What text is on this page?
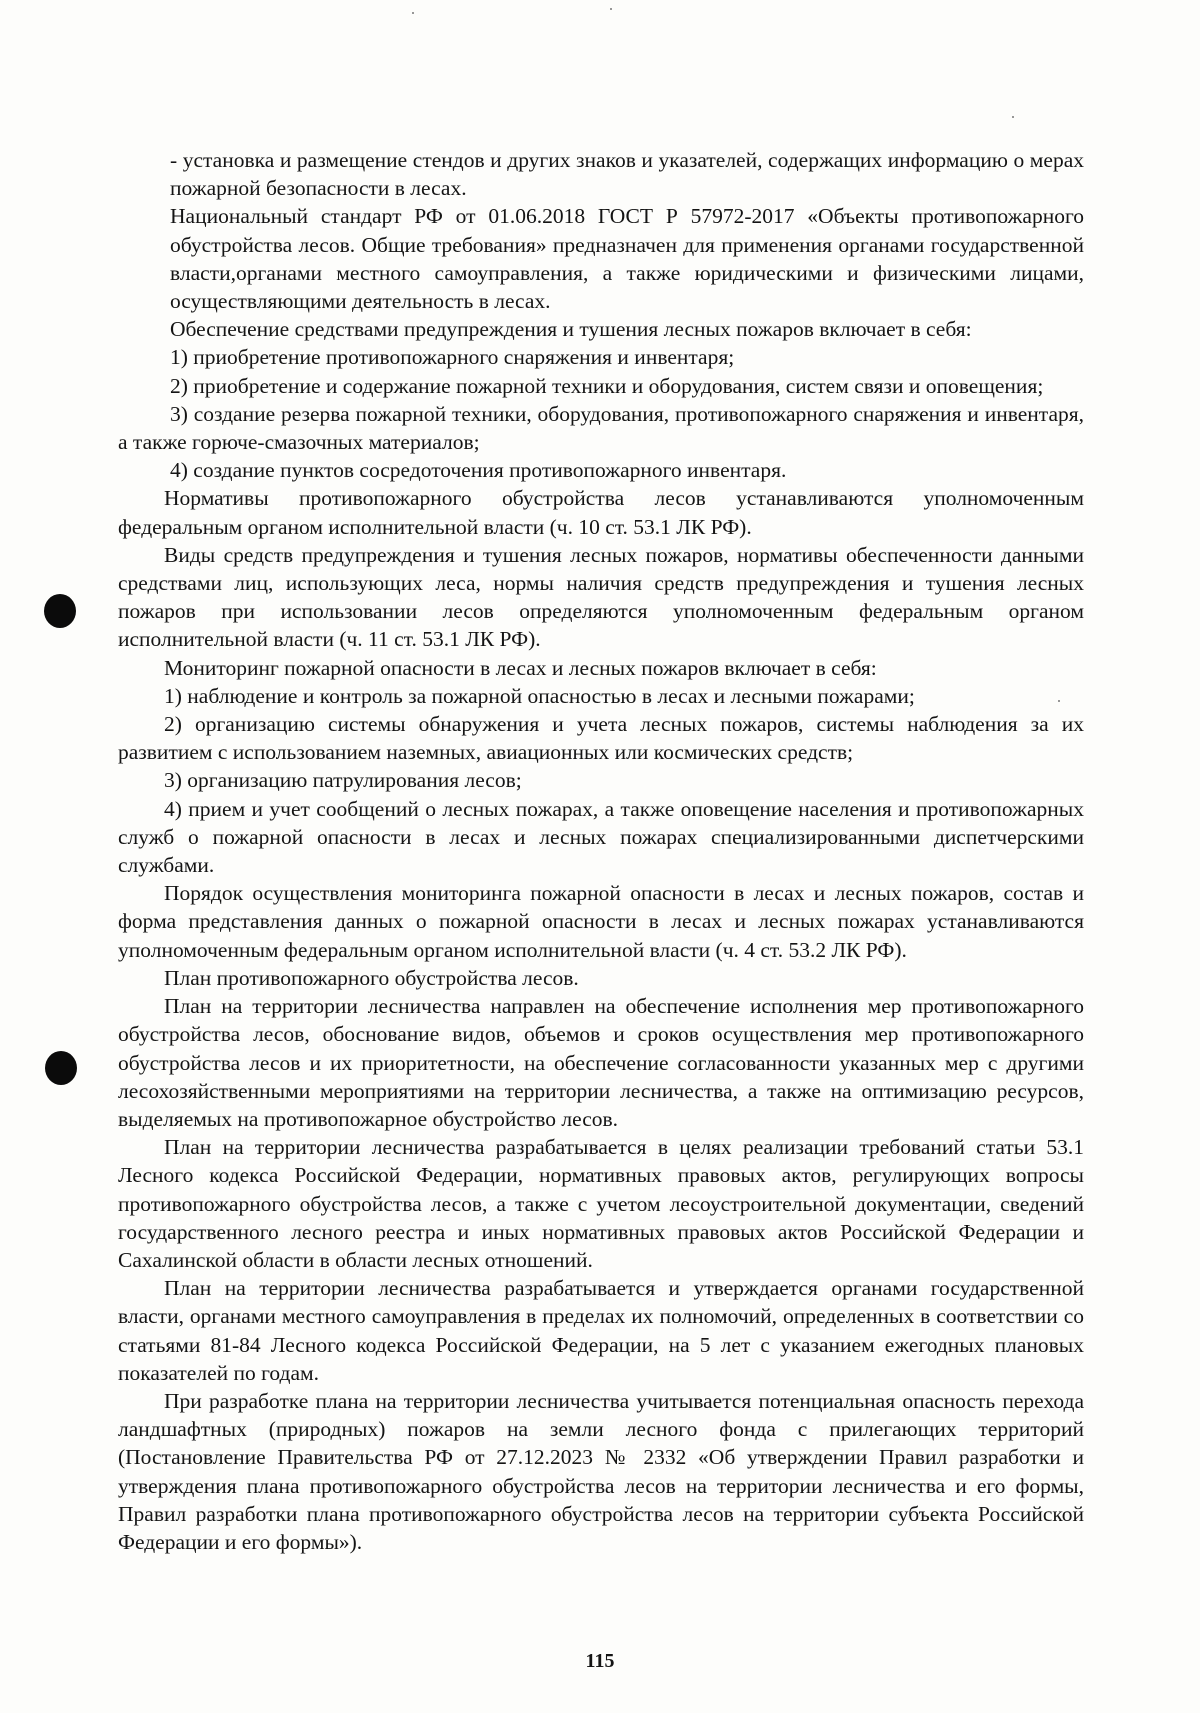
- установка и размещение стендов и других знаков и указателей, содержащих информацию о мерах пожарной безопасности в лесах.

Национальный стандарт РФ от 01.06.2018 ГОСТ Р 57972-2017 «Объекты противопожарного обустройства лесов. Общие требования» предназначен для применения органами государственной власти,органами местного самоуправления, а также юридическими и физическими лицами, осуществляющими деятельность в лесах.

Обеспечение средствами предупреждения и тушения лесных пожаров включает в себя:

1) приобретение противопожарного снаряжения и инвентаря;

2) приобретение и содержание пожарной техники и оборудования, систем связи и оповещения;

3) создание резерва пожарной техники, оборудования, противопожарного снаряжения и инвентаря, а также горюче-смазочных материалов;

4) создание пунктов сосредоточения противопожарного инвентаря.

Нормативы противопожарного обустройства лесов устанавливаются уполномоченным федеральным органом исполнительной власти (ч. 10 ст. 53.1 ЛК РФ).

Виды средств предупреждения и тушения лесных пожаров, нормативы обеспеченности данными средствами лиц, использующих леса, нормы наличия средств предупреждения и тушения лесных пожаров при использовании лесов определяются уполномоченным федеральным органом исполнительной власти (ч. 11 ст. 53.1 ЛК РФ).

Мониторинг пожарной опасности в лесах и лесных пожаров включает в себя:

1) наблюдение и контроль за пожарной опасностью в лесах и лесными пожарами;

2) организацию системы обнаружения и учета лесных пожаров, системы наблюдения за их развитием с использованием наземных, авиационных или космических средств;

3) организацию патрулирования лесов;

4) прием и учет сообщений о лесных пожарах, а также оповещение населения и противопожарных служб о пожарной опасности в лесах и лесных пожарах специализированными диспетчерскими службами.

Порядок осуществления мониторинга пожарной опасности в лесах и лесных пожаров, состав и форма представления данных о пожарной опасности в лесах и лесных пожарах устанавливаются уполномоченным федеральным органом исполнительной власти (ч. 4 ст. 53.2 ЛК РФ).

План противопожарного обустройства лесов.

План на территории лесничества направлен на обеспечение исполнения мер противопожарного обустройства лесов, обоснование видов, объемов и сроков осуществления мер противопожарного обустройства лесов и их приоритетности, на обеспечение согласованности указанных мер с другими лесохозяйственными мероприятиями на территории лесничества, а также на оптимизацию ресурсов, выделяемых на противопожарное обустройство лесов.

План на территории лесничества разрабатывается в целях реализации требований статьи 53.1 Лесного кодекса Российской Федерации, нормативных правовых актов, регулирующих вопросы противопожарного обустройства лесов, а также с учетом лесоустроительной документации, сведений государственного лесного реестра и иных нормативных правовых актов Российской Федерации и Сахалинской области в области лесных отношений.

План на территории лесничества разрабатывается и утверждается органами государственной власти, органами местного самоуправления в пределах их полномочий, определенных в соответствии со статьями 81-84 Лесного кодекса Российской Федерации, на 5 лет с указанием ежегодных плановых показателей по годам.

При разработке плана на территории лесничества учитывается потенциальная опасность перехода ландшафтных (природных) пожаров на земли лесного фонда с прилегающих территорий (Постановление Правительства РФ от 27.12.2023 № 2332 «Об утверждении Правил разработки и утверждения плана противопожарного обустройства лесов на территории лесничества и его формы, Правил разработки плана противопожарного обустройства лесов на территории субъекта Российской Федерации и его формы»).

115
